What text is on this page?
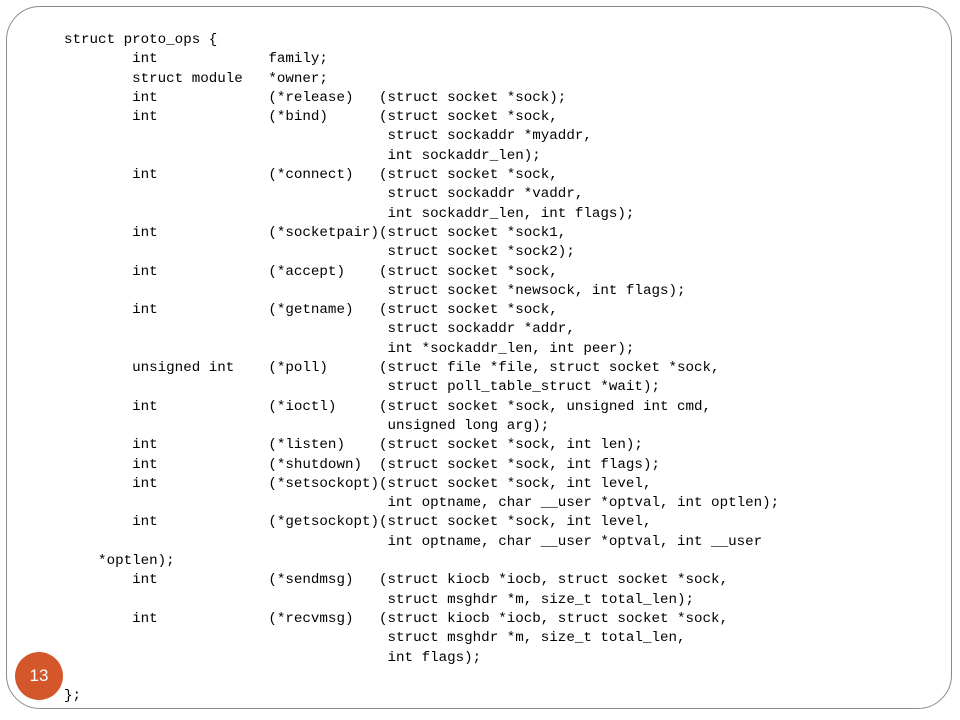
struct proto_ops {
int             family;
struct module   *owner;
int             (*release)   (struct socket *sock);
int             (*bind)      (struct socket *sock,
struct sockaddr *myaddr,
int sockaddr_len);
int             (*connect)   (struct socket *sock,
struct sockaddr *vaddr,
int sockaddr_len, int flags);
int             (*socketpair)(struct socket *sock1,
struct socket *sock2);
int             (*accept)    (struct socket *sock,
struct socket *newsock, int flags);
int             (*getname)   (struct socket *sock,
struct sockaddr *addr,
int *sockaddr_len, int peer);
unsigned int    (*poll)      (struct file *file, struct socket *sock,
struct poll_table_struct *wait);
int             (*ioctl)     (struct socket *sock, unsigned int cmd,
unsigned long arg);
int             (*listen)    (struct socket *sock, int len);
int             (*shutdown)  (struct socket *sock, int flags);
int             (*setsockopt)(struct socket *sock, int level,
int optname, char __user *optval, int optlen);
int             (*getsockopt)(struct socket *sock, int level,
int optname, char __user *optval, int __user
*optlen);
int             (*sendmsg)   (struct kiocb *iocb, struct socket *sock,
struct msghdr *m, size_t total_len);
int             (*recvmsg)   (struct kiocb *iocb, struct socket *sock,
struct msghdr *m, size_t total_len,
int flags);
};
13
